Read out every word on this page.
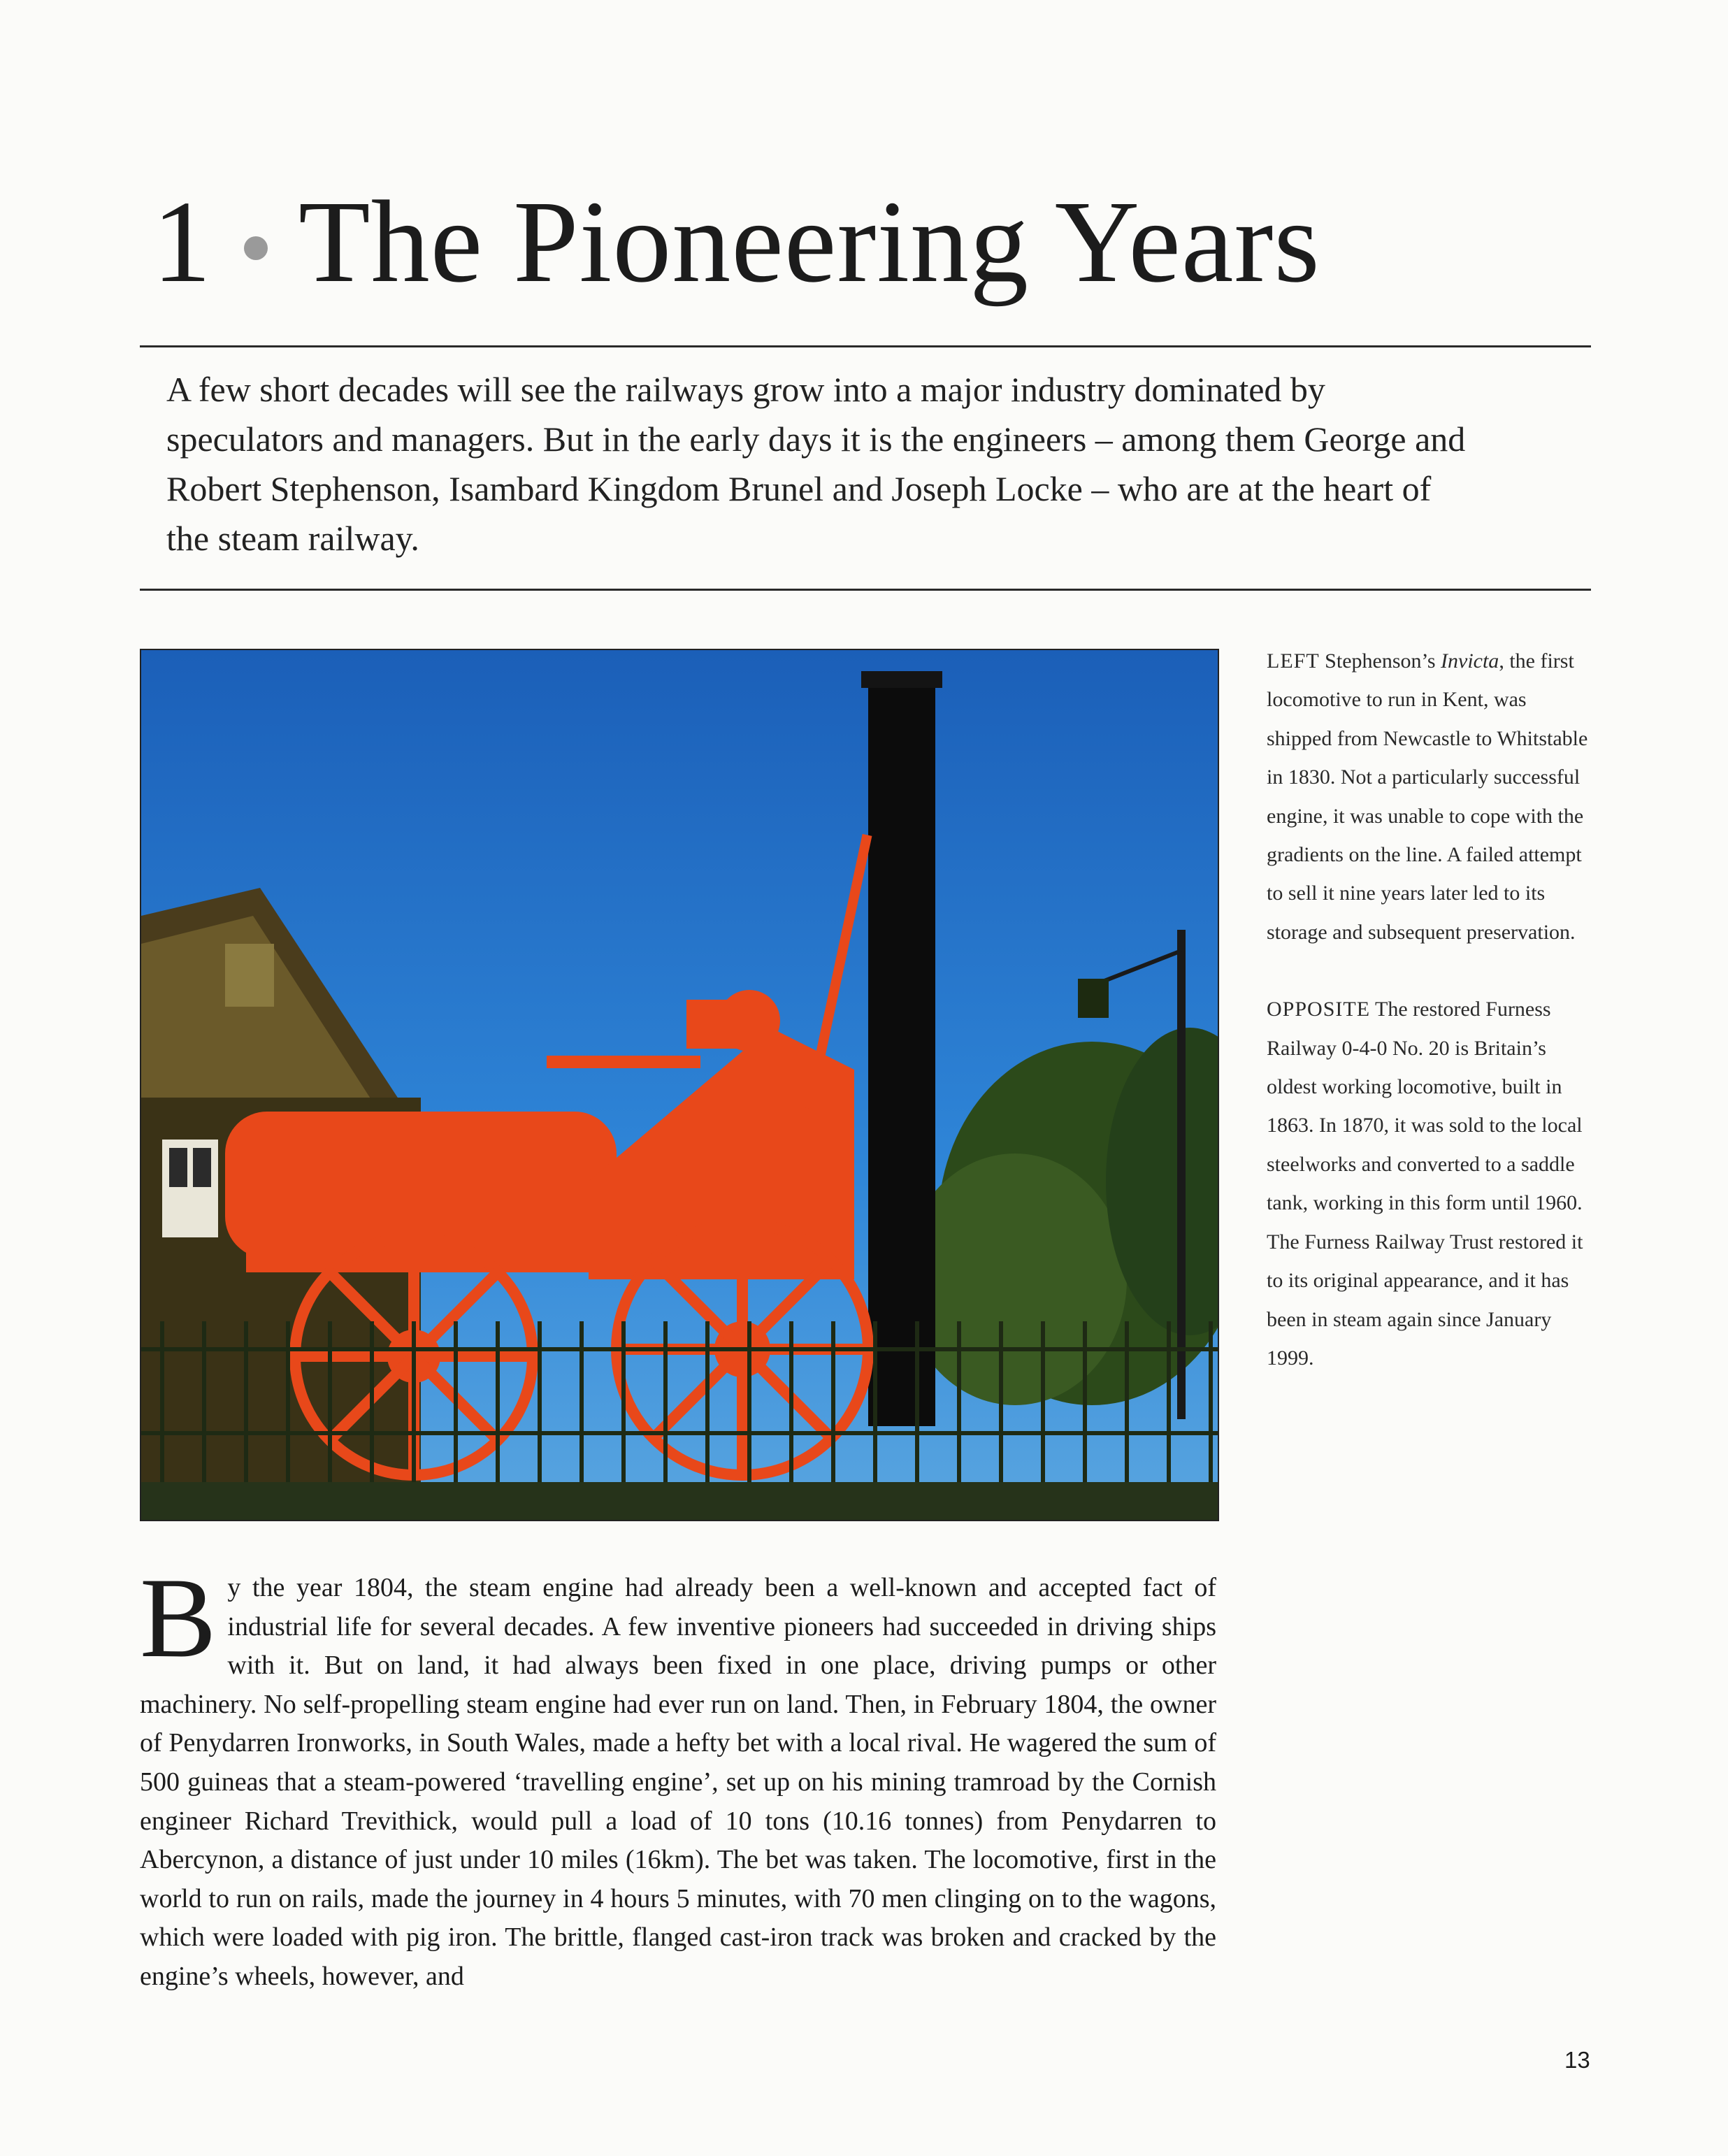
1 The Pioneering Years
A few short decades will see the railways grow into a major industry dominated by speculators and managers. But in the early days it is the engineers – among them George and Robert Stephenson, Isambard Kingdom Brunel and Joseph Locke – who are at the heart of the steam railway.

LEFT Stephenson’s Invicta, the first locomotive to run in Kent, was shipped from Newcastle to Whitstable in 1830. Not a particularly successful engine, it was unable to cope with the gradients on the line. A failed attempt to sell it nine years later led to its storage and subsequent preservation.

OPPOSITE The restored Furness Railway 0-4-0 No. 20 is Britain’s oldest working locomotive, built in 1863. In 1870, it was sold to the local steelworks and converted to a saddle tank, working in this form until 1960. The Furness Railway Trust restored it to its original appearance, and it has been in steam again since January 1999.

By the year 1804, the steam engine had already been a well-known and accepted fact of industrial life for several decades. A few inventive pioneers had succeeded in driving ships with it. But on land, it had always been fixed in one place, driving pumps or other machinery. No self-propelling steam engine had ever run on land. Then, in February 1804, the owner of Penydarren Ironworks, in South Wales, made a hefty bet with a local rival. He wagered the sum of 500 guineas that a steam-powered ‘travelling engine’, set up on his mining tramroad by the Cornish engineer Richard Trevithick, would pull a load of 10 tons (10.16 tonnes) from Penydarren to Abercynon, a distance of just under 10 miles (16km). The bet was taken. The locomotive, first in the world to run on rails, made the journey in 4 hours 5 minutes, with 70 men clinging on to the wagons, which were loaded with pig iron. The brittle, flanged cast-iron track was broken and cracked by the engine’s wheels, however, and
13
